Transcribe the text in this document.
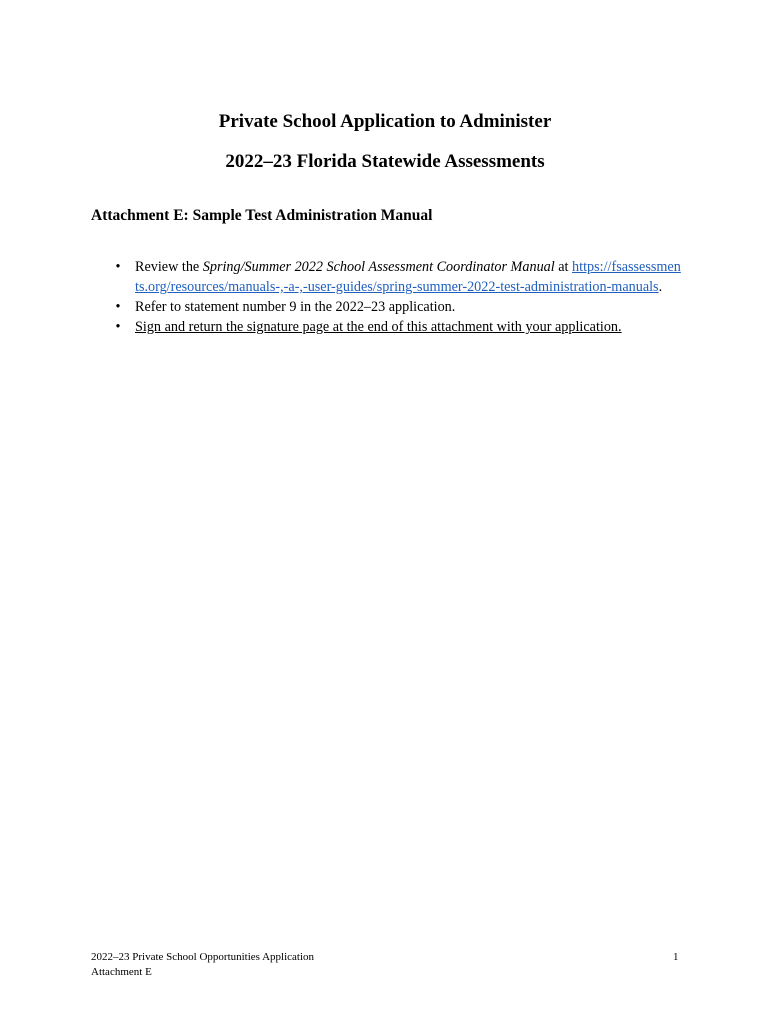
Private School Application to Administer
2022–23 Florida Statewide Assessments
Attachment E: Sample Test Administration Manual
• Review the Spring/Summer 2022 School Assessment Coordinator Manual at https://fsassessments.org/resources/manuals-,-a-,-user-guides/spring-summer-2022-test-administration-manuals.
• Refer to statement number 9 in the 2022–23 application.
• Sign and return the signature page at the end of this attachment with your application.
2022–23 Private School Opportunities Application
Attachment E
1
